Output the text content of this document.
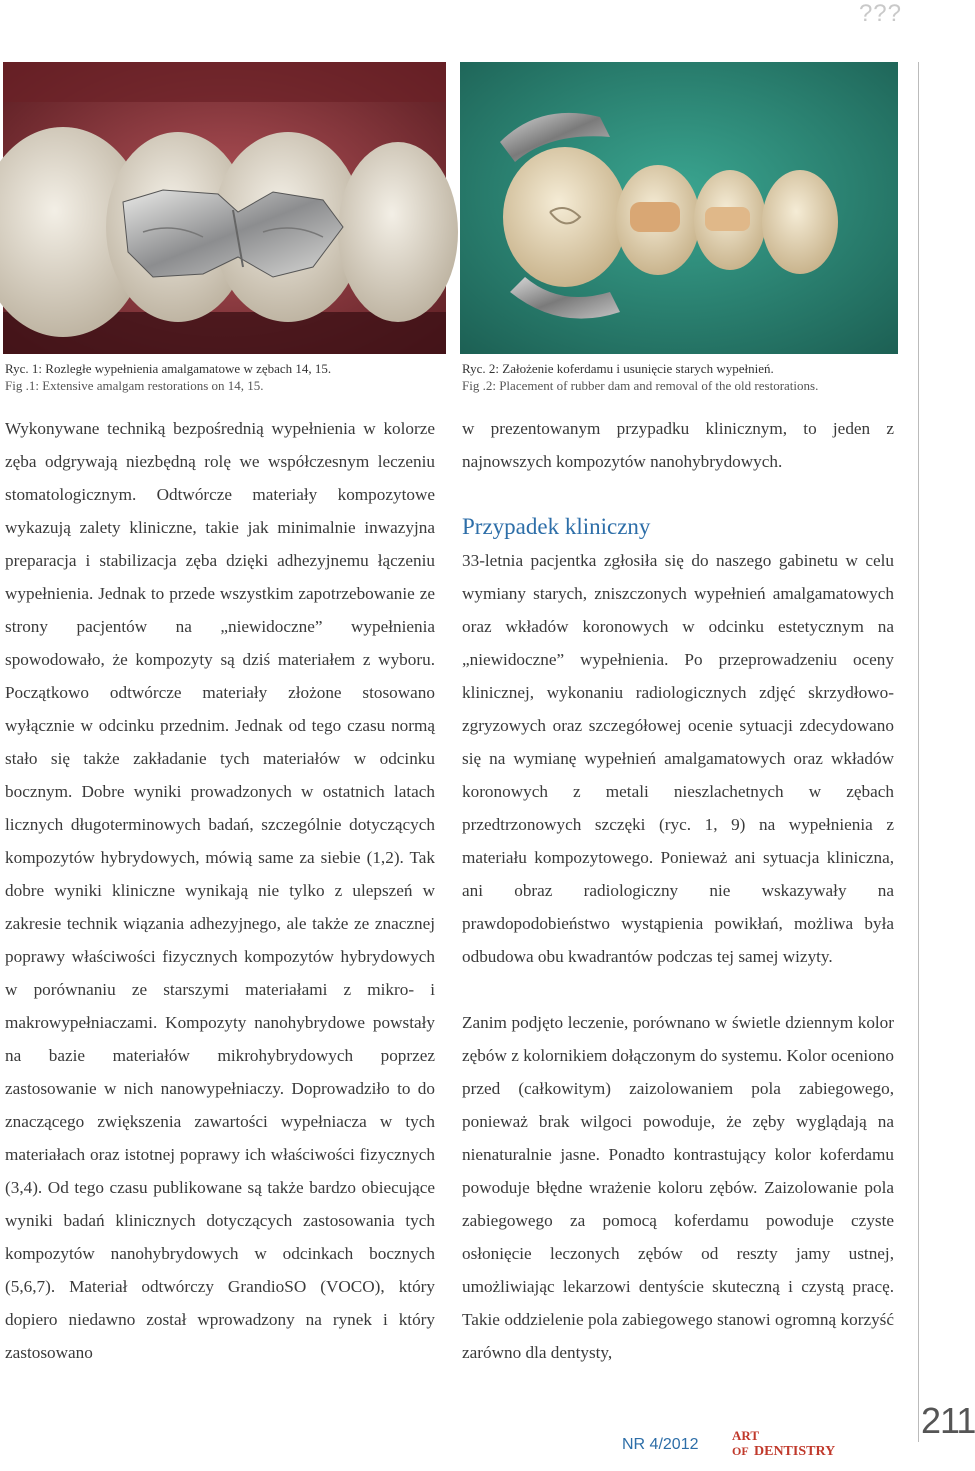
???
Ryc. 1: Rozległe wypełnienia amalgamatowe w zębach 14, 15.
Fig .1: Extensive amalgam restorations on 14, 15.
Ryc. 2: Założenie koferdamu i usunięcie starych wypełnień.
Fig .2: Placement of rubber dam and removal of the old restorations.

Wykonywane techniką bezpośrednią wypełnienia w kolorze zęba odgrywają niezbędną rolę we współczesnym leczeniu stomatologicznym. Odtwórcze materiały kompozytowe wykazują zalety kliniczne, takie jak minimalnie inwazyjna preparacja i stabilizacja zęba dzięki adhezyjnemu łączeniu wypełnienia. Jednak to przede wszystkim zapotrzebowanie ze strony pacjentów na „niewidoczne” wypełnienia spowodowało, że kompozyty są dziś materiałem z wyboru. Początkowo odtwórcze materiały złożone stosowano wyłącznie w odcinku przednim. Jednak od tego czasu normą stało się także zakładanie tych materiałów w odcinku bocznym. Dobre wyniki prowadzonych w ostatnich latach licznych długoterminowych badań, szczególnie dotyczących kompozytów hybrydowych, mówią same za siebie (1,2). Tak dobre wyniki kliniczne wynikają nie tylko z ulepszeń w zakresie technik wiązania adhezyjnego, ale także ze znacznej poprawy właściwości fizycznych kompozytów hybrydowych w porównaniu ze starszymi materiałami z mikro- i makrowypełniaczami. Kompozyty nanohybrydowe powstały na bazie materiałów mikrohybrydowych poprzez zastosowanie w nich nanowypełniaczy. Doprowadziło to do znaczącego zwiększenia zawartości wypełniacza w tych materiałach oraz istotnej poprawy ich właściwości fizycznych (3,4). Od tego czasu publikowane są także bardzo obiecujące wyniki badań klinicznych dotyczących zastosowania tych kompozytów nanohybrydowych w odcinkach bocznych (5,6,7). Materiał odtwórczy GrandioSO (VOCO), który dopiero niedawno został wprowadzony na rynek i który zastosowano

w prezentowanym przypadku klinicznym, to jeden z najnowszych kompozytów nanohybrydowych.

Przypadek kliniczny

33-letnia pacjentka zgłosiła się do naszego gabinetu w celu wymiany starych, zniszczonych wypełnień amalgamatowych oraz wkładów koronowych w odcinku estetycznym na „niewidoczne” wypełnienia. Po przeprowadzeniu oceny klinicznej, wykonaniu radiologicznych zdjęć skrzydłowo-zgryzowych oraz szczegółowej ocenie sytuacji zdecydowano się na wymianę wypełnień amalgamatowych oraz wkładów koronowych z metali nieszlachetnych w zębach przedtrzonowych szczęki (ryc. 1, 9) na wypełnienia z materiału kompozytowego. Ponieważ ani sytuacja kliniczna, ani obraz radiologiczny nie wskazywały na prawdopodobieństwo wystąpienia powikłań, możliwa była odbudowa obu kwadrantów podczas tej samej wizyty.

Zanim podjęto leczenie, porównano w świetle dziennym kolor zębów z kolornikiem dołączonym do systemu. Kolor oceniono przed (całkowitym) zaizolowaniem pola zabiegowego, ponieważ brak wilgoci powoduje, że zęby wyglądają na nienaturalnie jasne. Ponadto kontrastujący kolor koferdamu powoduje błędne wrażenie koloru zębów. Zaizolowanie pola zabiegowego za pomocą koferdamu powoduje czyste osłonięcie leczonych zębów od reszty jamy ustnej, umożliwiając lekarzowi dentyście skuteczną i czystą pracę. Takie oddzielenie pola zabiegowego stanowi ogromną korzyść zarówno dla dentysty,

NR 4/2012
ART
OF DENTISTRY
211
